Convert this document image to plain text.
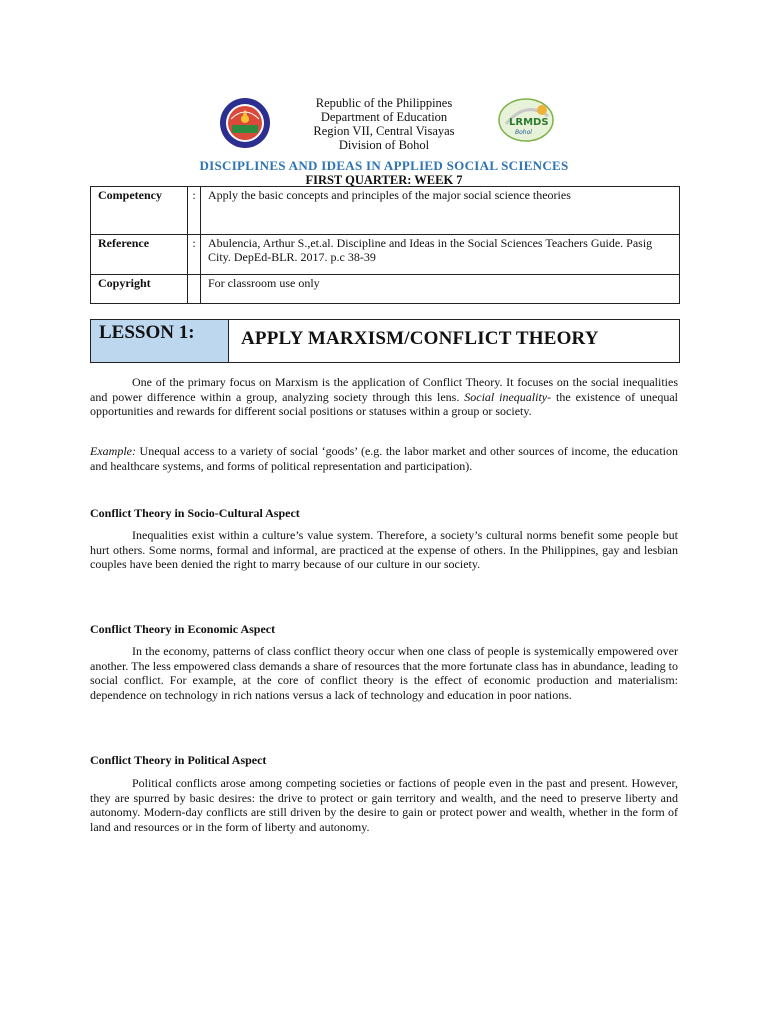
LRMDS
Bohol
Republic of the Philippines
Department of Education
Region VII, Central Visayas
Division of Bohol
DISCIPLINES AND IDEAS IN APPLIED SOCIAL SCIENCES
FIRST QUARTER: WEEK 7
Competency	:	Apply the basic concepts and principles of the major social science theories
Reference	:	Abulencia, Arthur S.,et.al. Discipline and Ideas in the Social Sciences Teachers Guide. Pasig City. DepEd-BLR. 2017. p.c 38-39
Copyright		For classroom use only
LESSON 1:	APPLY MARXISM/CONFLICT THEORY
One of the primary focus on Marxism is the application of Conflict Theory. It focuses on the social inequalities and power difference within a group, analyzing society through this lens. Social inequality- the existence of unequal opportunities and rewards for different social positions or statuses within a group or society.
Example: Unequal access to a variety of social ‘goods’ (e.g. the labor market and other sources of income, the education and healthcare systems, and forms of political representation and participation).
Conflict Theory in Socio-Cultural Aspect
Inequalities exist within a culture’s value system. Therefore, a society’s cultural norms benefit some people but hurt others. Some norms, formal and informal, are practiced at the expense of others. In the Philippines, gay and lesbian couples have been denied the right to marry because of our culture in our society.
Conflict Theory in Economic Aspect
In the economy, patterns of class conflict theory occur when one class of people is systemically empowered over another. The less empowered class demands a share of resources that the more fortunate class has in abundance, leading to social conflict. For example, at the core of conflict theory is the effect of economic production and materialism: dependence on technology in rich nations versus a lack of technology and education in poor nations.
Conflict Theory in Political Aspect
Political conflicts arose among competing societies or factions of people even in the past and present. However, they are spurred by basic desires: the drive to protect or gain territory and wealth, and the need to preserve liberty and autonomy. Modern-day conflicts are still driven by the desire to gain or protect power and wealth, whether in the form of land and resources or in the form of liberty and autonomy.
